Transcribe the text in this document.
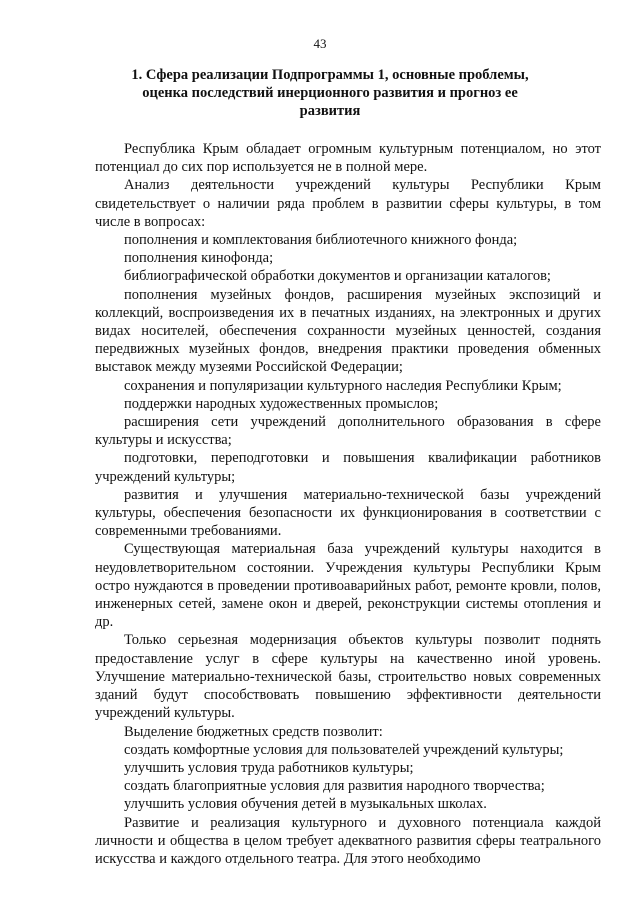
43
1. Сфера реализации Подпрограммы 1, основные проблемы, оценка последствий инерционного развития и прогноз ее развития

Республика Крым обладает огромным культурным потенциалом, но этот потенциал до сих пор используется не в полной мере.

Анализ деятельности учреждений культуры Республики Крым свидетельствует о наличии ряда проблем в развитии сферы культуры, в том числе в вопросах:

пополнения и комплектования библиотечного книжного фонда;

пополнения кинофонда;

библиографической обработки документов и организации каталогов;

пополнения музейных фондов, расширения музейных экспозиций и коллекций, воспроизведения их в печатных изданиях, на электронных и других видах носителей, обеспечения сохранности музейных ценностей, создания передвижных музейных фондов, внедрения практики проведения обменных выставок между музеями Российской Федерации;

сохранения и популяризации культурного наследия Республики Крым;

поддержки народных художественных промыслов;

расширения сети учреждений дополнительного образования в сфере культуры и искусства;

подготовки, переподготовки и повышения квалификации работников учреждений культуры;

развития и улучшения материально-технической базы учреждений культуры, обеспечения безопасности их функционирования в соответствии с современными требованиями.

Существующая материальная база учреждений культуры находится в неудовлетворительном состоянии. Учреждения культуры Республики Крым остро нуждаются в проведении противоаварийных работ, ремонте кровли, полов, инженерных сетей, замене окон и дверей, реконструкции системы отопления и др.

Только серьезная модернизация объектов культуры позволит поднять предоставление услуг в сфере культуры на качественно иной уровень. Улучшение материально-технической базы, строительство новых современных зданий будут способствовать повышению эффективности деятельности учреждений культуры.

Выделение бюджетных средств позволит:

создать комфортные условия для пользователей учреждений культуры;

улучшить условия труда работников культуры;

создать благоприятные условия для развития народного творчества;

улучшить условия обучения детей в музыкальных школах.

Развитие и реализация культурного и духовного потенциала каждой личности и общества в целом требует адекватного развития сферы театрального искусства и каждого отдельного театра. Для этого необходимо
